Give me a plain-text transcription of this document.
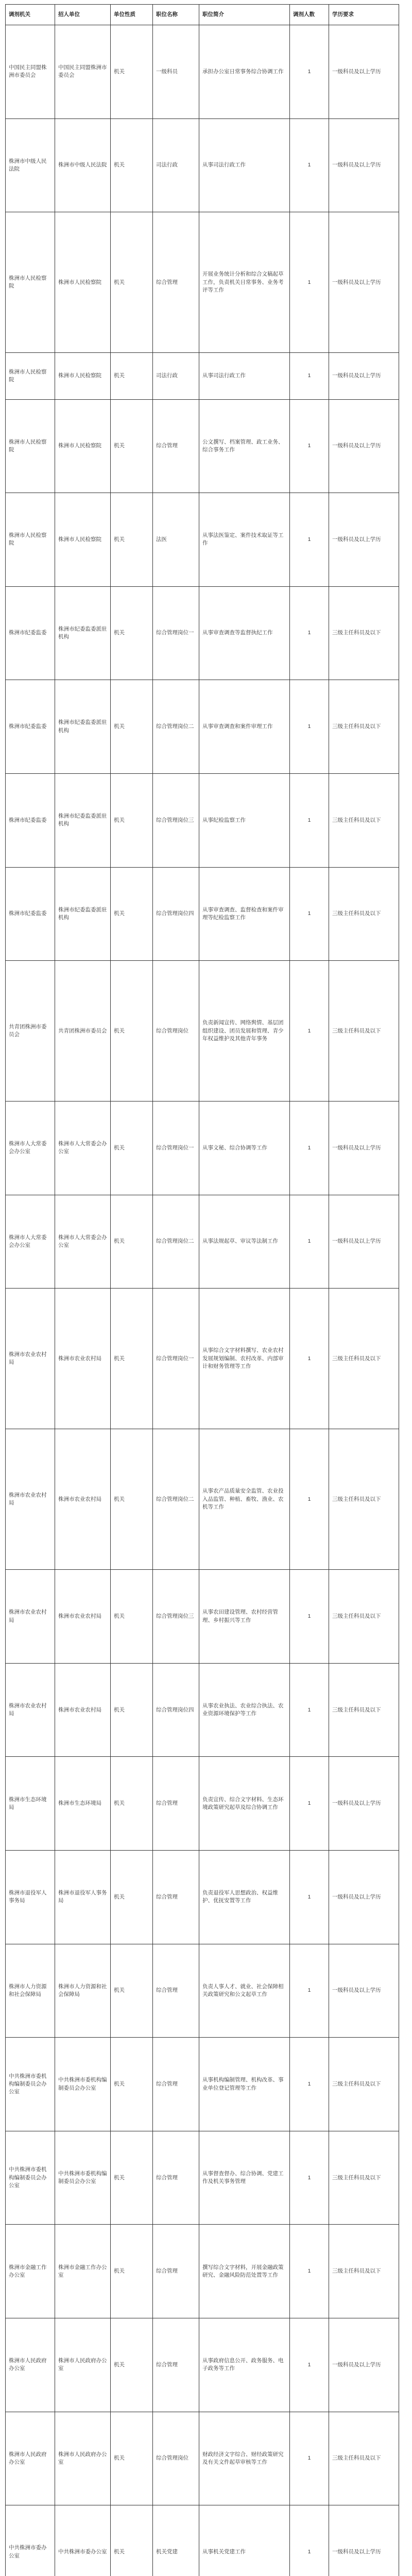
调剂机关	招人单位	单位性质	职位名称	职位简介	调剂人数	学历要求
中国民主同盟株洲市委员会	中国民主同盟株洲市委员会	机关	一级科员	承担办公室日常事务综合协调工作	1	一级科员及以上学历
株洲市中级人民法院	株洲市中级人民法院	机关	司法行政	从事司法行政工作	1	一级科员及以上学历
株洲市人民检察院	株洲市人民检察院	机关	综合管理	开展业务统计分析和综合文稿起草工作，负责机关日常事务、业务考评等工作	1	一级科员及以上学历
株洲市人民检察院	株洲市人民检察院	机关	司法行政	从事司法行政工作	1	一级科员及以上学历
株洲市人民检察院	株洲市人民检察院	机关	综合管理	公文撰写、档案管理、政工业务、综合事务工作	1	一级科员及以上学历
株洲市人民检察院	株洲市人民检察院	机关	法医	从事法医鉴定、案件技术取证等工作	1	一级科员及以上学历
株洲市纪委监委	株洲市纪委监委派驻机构	机关	综合管理岗位一	从事审查调查等监督执纪工作	1	三级主任科员及以下
株洲市纪委监委	株洲市纪委监委派驻机构	机关	综合管理岗位二	从事审查调查和案件审理工作	1	三级主任科员及以下
株洲市纪委监委	株洲市纪委监委派驻机构	机关	综合管理岗位三	从事纪检监察工作	1	三级主任科员及以下
株洲市纪委监委	株洲市纪委监委派驻机构	机关	综合管理岗位四	从事审查调查、监督检查和案件审理等纪检监察工作	1	三级主任科员及以下
共青团株洲市委员会	共青团株洲市委员会	机关	综合管理岗位	负责新闻宣传、网络舆情、基层团组织建设、团员发展和管理、青少年权益维护及其他青年事务	1	三级主任科员及以下
株洲市人大常委会办公室	株洲市人大常委会办公室	机关	综合管理岗位一	从事文秘、综合协调等工作	1	一级科员及以上学历
株洲市人大常委会办公室	株洲市人大常委会办公室	机关	综合管理岗位二	从事法规起草、审议等法制工作	1	一级科员及以上学历
株洲市农业农村局	株洲市农业农村局	机关	综合管理岗位一	从事综合文字材料撰写、农业农村发展规划编制、农村改革、内部审计和财务管理等工作	1	三级主任科员及以下
株洲市农业农村局	株洲市农业农村局	机关	综合管理岗位二	从事农产品质量安全监管、农业投入品监管、种植、畜牧、渔业、农机等工作	1	三级主任科员及以下
株洲市农业农村局	株洲市农业农村局	机关	综合管理岗位三	从事农田建设管理、农村经营管理、乡村振兴等工作	1	三级主任科员及以下
株洲市农业农村局	株洲市农业农村局	机关	综合管理岗位四	从事农业执法、农业综合执法、农业资源环境保护等工作	1	三级主任科员及以下
株洲市生态环境局	株洲市生态环境局	机关	综合管理	负责宣传、综合文字材料、生态环境政策研究起草及综合协调工作	1	一级科员及以上学历
株洲市退役军人事务局	株洲市退役军人事务局	机关	综合管理	负责退役军人思想政治、权益维护、优抚安置等工作	1	一级科员及以上学历
株洲市人力资源和社会保障局	株洲市人力资源和社会保障局	机关	综合管理	负责人事人才、就业、社会保障相关政策研究和公文起草工作	1	一级科员及以上学历
中共株洲市委机构编制委员会办公室	中共株洲市委机构编制委员会办公室	机关	综合管理	从事机构编制管理、机构改革、事业单位登记管理等工作	1	三级主任科员及以下
中共株洲市委机构编制委员会办公室	中共株洲市委机构编制委员会办公室	机关	综合管理	从事督查督办、综合协调、党建工作及机关事务管理	1	三级主任科员及以下
株洲市金融工作办公室	株洲市金融工作办公室	机关	综合管理	撰写综合文字材料，开展金融政策研究、金融风险防范处置等工作	1	三级主任科员及以下
株洲市人民政府办公室	株洲市人民政府办公室	机关	综合管理	从事政府信息公开、政务服务、电子政务等工作	1	一级科员及以上学历
株洲市人民政府办公室	株洲市人民政府办公室	机关	综合管理岗位	财政经济文字综合、财经政策研究及有关文件起草审核等工作	1	三级主任科员及以下
中共株洲市委办公室	中共株洲市委办公室	机关	机关党建	从事机关党建工作	1	一级科员及以上学历
